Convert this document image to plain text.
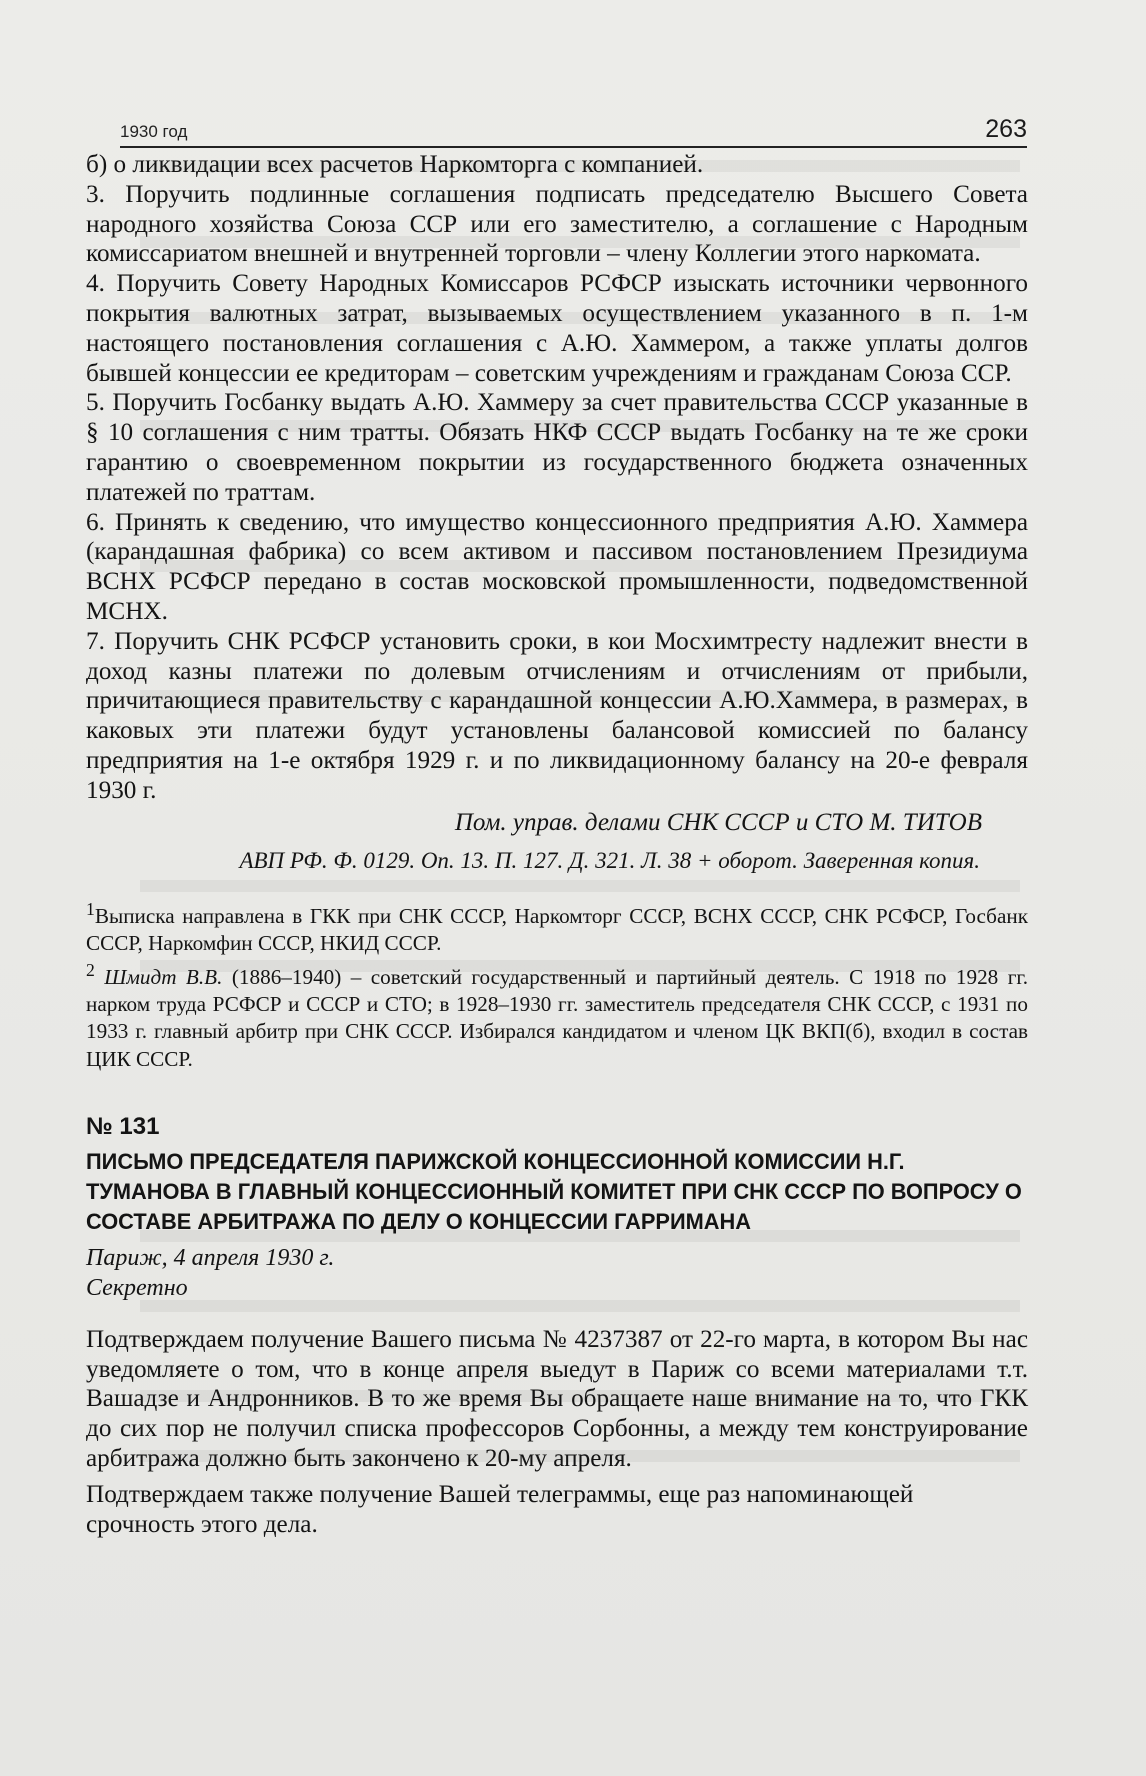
1930 год	263

б) о ликвидации всех расчетов Наркомторга с компанией.

3. Поручить подлинные соглашения подписать председателю Высшего Совета народного хозяйства Союза ССР или его заместителю, а соглашение с Народным комиссариатом внешней и внутренней торговли – члену Коллегии этого наркомата.

4. Поручить Совету Народных Комиссаров РСФСР изыскать источники червонного покрытия валютных затрат, вызываемых осуществлением указанного в п. 1-м настоящего постановления соглашения с А.Ю. Хаммером, а также уплаты долгов бывшей концессии ее кредиторам – советским учреждениям и гражданам Союза ССР.

5. Поручить Госбанку выдать А.Ю. Хаммеру за счет правительства СССР указанные в § 10 соглашения с ним тратты. Обязать НКФ СССР выдать Госбанку на те же сроки гарантию о своевременном покрытии из государственного бюджета означенных платежей по траттам.

6. Принять к сведению, что имущество концессионного предприятия А.Ю. Хаммера (карандашная фабрика) со всем активом и пассивом постановлением Президиума ВСНХ РСФСР передано в состав московской промышленности, подведомственной МСНХ.

7. Поручить СНК РСФСР установить сроки, в кои Мосхимтресту надлежит внести в доход казны платежи по долевым отчислениям и отчислениям от прибыли, причитающиеся правительству с карандашной концессии А.Ю.Хаммера, в размерах, в каковых эти платежи будут установлены балансовой комиссией по балансу предприятия на 1-е октября 1929 г. и по ликвидационному балансу на 20-е февраля 1930 г.

Пом. управ. делами СНК СССР и СТО М. ТИТОВ

АВП РФ. Ф. 0129. Оп. 13. П. 127. Д. 321. Л. 38 + оборот. Заверенная копия.

$^1$Выписка направлена в ГКК при СНК СССР, Наркомторг СССР, ВСНХ СССР, СНК РСФСР, Госбанк СССР, Наркомфин СССР, НКИД СССР.

$^2$ Шмидт В.В. (1886–1940) – советский государственный и партийный деятель. С 1918 по 1928 гг. нарком труда РСФСР и СССР и СТО; в 1928–1930 гг. заместитель председателя СНК СССР, с 1931 по 1933 г. главный арбитр при СНК СССР. Избирался кандидатом и членом ЦК ВКП(б), входил в состав ЦИК СССР.

№ 131

ПИСЬМО ПРЕДСЕДАТЕЛЯ ПАРИЖСКОЙ КОНЦЕССИОННОЙ КОМИССИИ Н.Г. ТУМАНОВА В ГЛАВНЫЙ КОНЦЕССИОННЫЙ КОМИТЕТ ПРИ СНК СССР ПО ВОПРОСУ О СОСТАВЕ АРБИТРАЖА ПО ДЕЛУ О КОНЦЕССИИ ГАРРИМАНА

Париж, 4 апреля 1930 г.
Секретно

Подтверждаем получение Вашего письма № 4237387 от 22-го марта, в котором Вы нас уведомляете о том, что в конце апреля выедут в Париж со всеми материалами т.т. Вашадзе и Андронников. В то же время Вы обращаете наше внимание на то, что ГКК до сих пор не получил списка профессоров Сорбонны, а между тем конструирование арбитража должно быть закончено к 20-му апреля.

Подтверждаем также получение Вашей телеграммы, еще раз напоминающей срочность этого дела.
